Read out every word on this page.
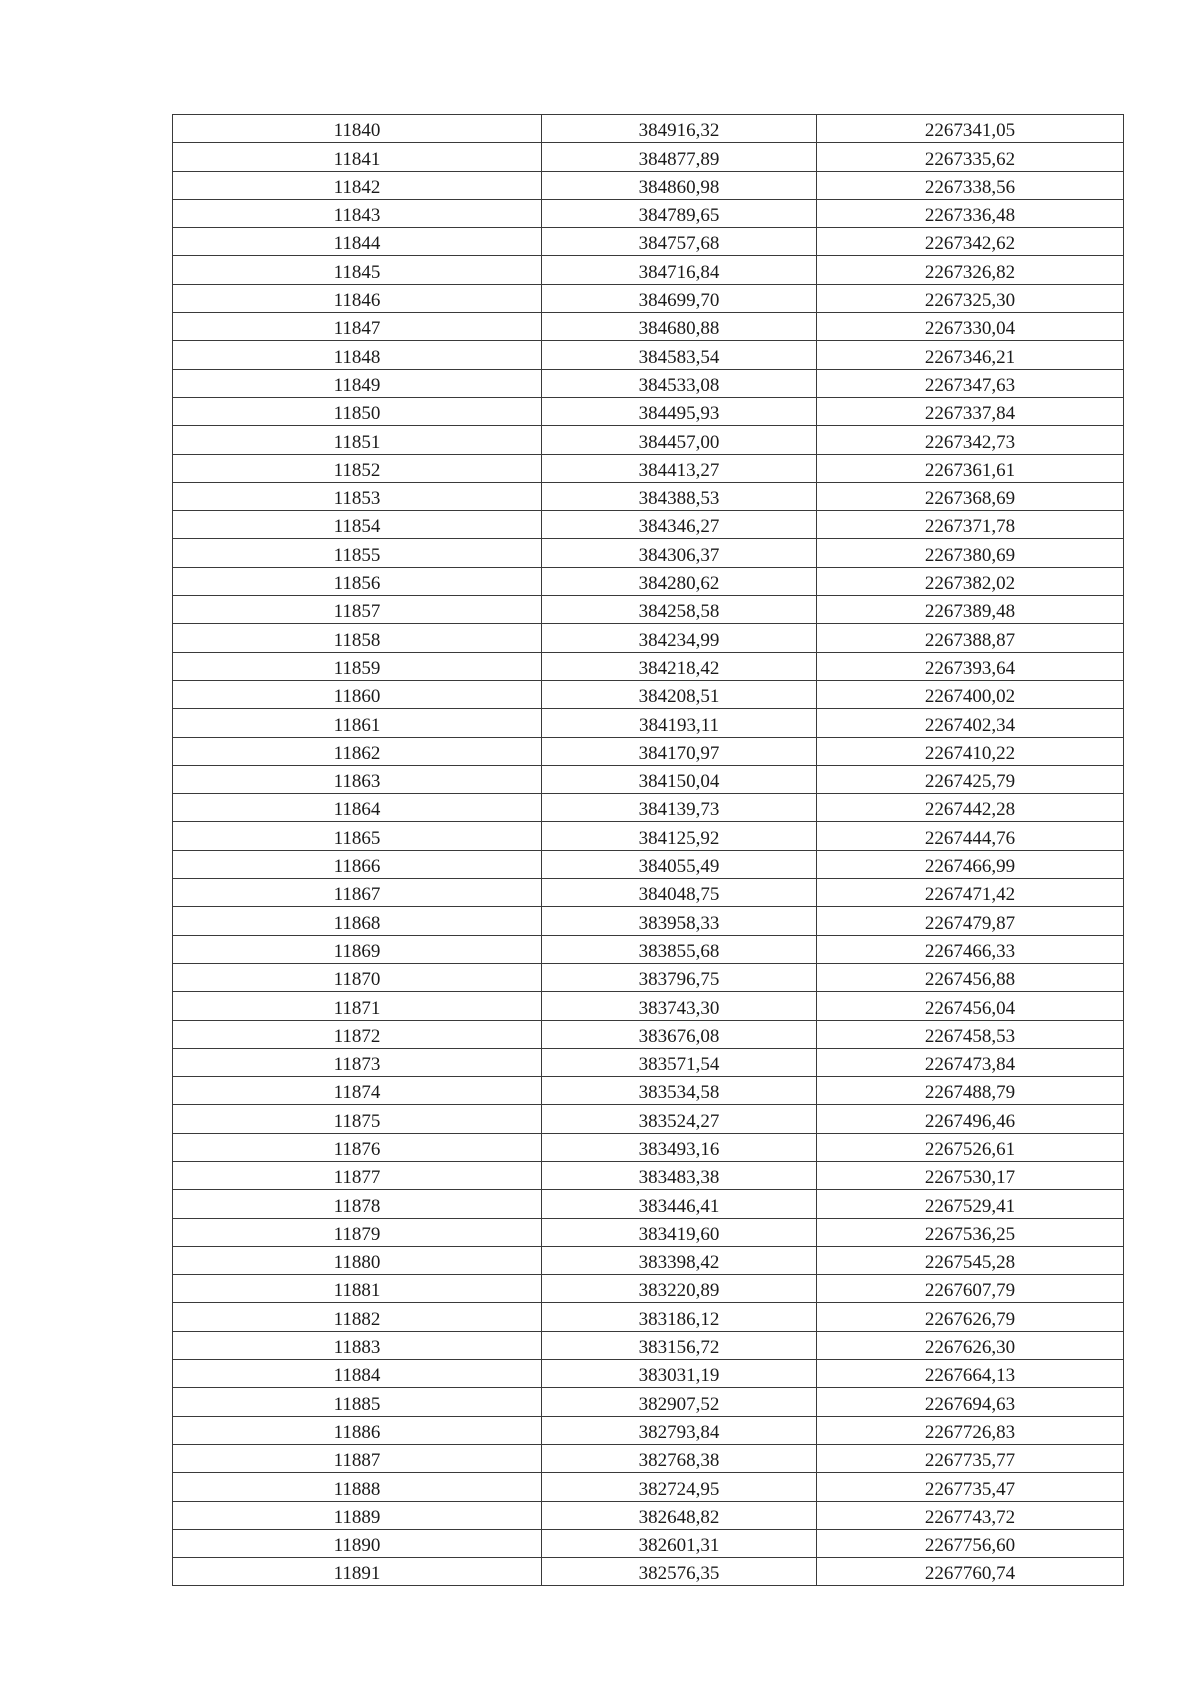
11840	384916,32	2267341,05
11841	384877,89	2267335,62
11842	384860,98	2267338,56
11843	384789,65	2267336,48
11844	384757,68	2267342,62
11845	384716,84	2267326,82
11846	384699,70	2267325,30
11847	384680,88	2267330,04
11848	384583,54	2267346,21
11849	384533,08	2267347,63
11850	384495,93	2267337,84
11851	384457,00	2267342,73
11852	384413,27	2267361,61
11853	384388,53	2267368,69
11854	384346,27	2267371,78
11855	384306,37	2267380,69
11856	384280,62	2267382,02
11857	384258,58	2267389,48
11858	384234,99	2267388,87
11859	384218,42	2267393,64
11860	384208,51	2267400,02
11861	384193,11	2267402,34
11862	384170,97	2267410,22
11863	384150,04	2267425,79
11864	384139,73	2267442,28
11865	384125,92	2267444,76
11866	384055,49	2267466,99
11867	384048,75	2267471,42
11868	383958,33	2267479,87
11869	383855,68	2267466,33
11870	383796,75	2267456,88
11871	383743,30	2267456,04
11872	383676,08	2267458,53
11873	383571,54	2267473,84
11874	383534,58	2267488,79
11875	383524,27	2267496,46
11876	383493,16	2267526,61
11877	383483,38	2267530,17
11878	383446,41	2267529,41
11879	383419,60	2267536,25
11880	383398,42	2267545,28
11881	383220,89	2267607,79
11882	383186,12	2267626,79
11883	383156,72	2267626,30
11884	383031,19	2267664,13
11885	382907,52	2267694,63
11886	382793,84	2267726,83
11887	382768,38	2267735,77
11888	382724,95	2267735,47
11889	382648,82	2267743,72
11890	382601,31	2267756,60
11891	382576,35	2267760,74
